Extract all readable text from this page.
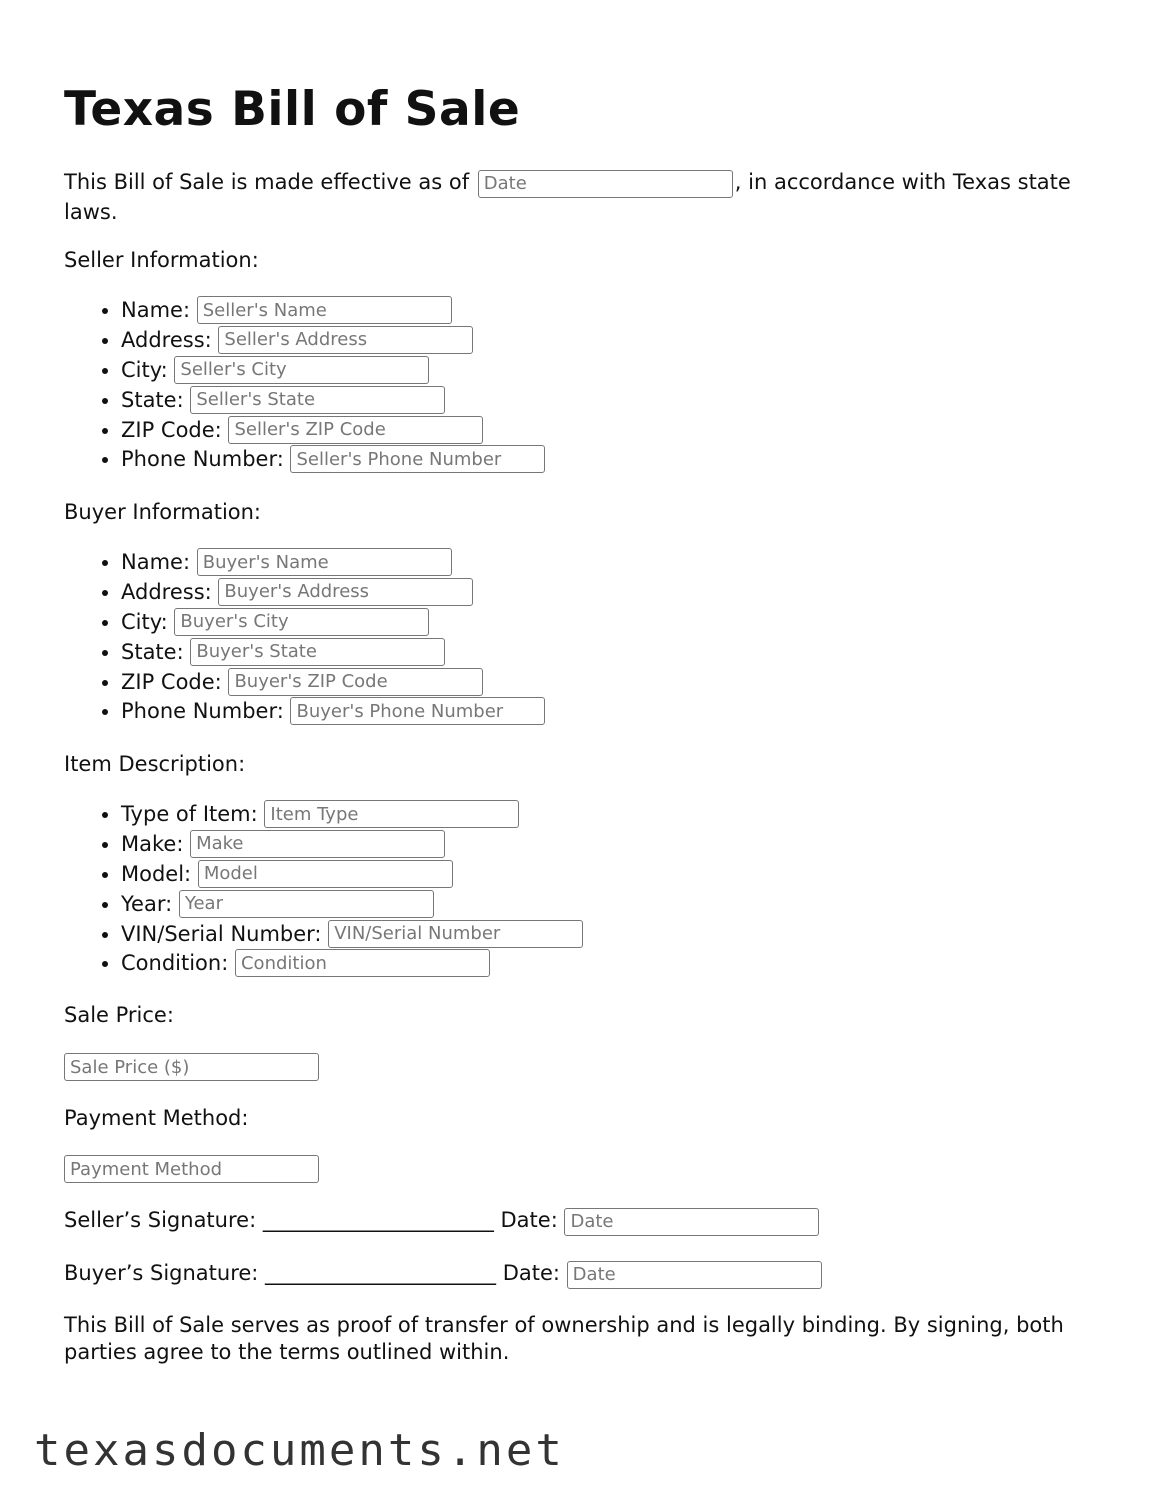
Texas Bill of Sale
This Bill of Sale is made effective as of Date	, in accordance with Texas state laws.
Seller Information:
• Name: Seller's Name
• Address: Seller's Address
• City: Seller's City
• State: Seller's State
• ZIP Code: Seller's ZIP Code
• Phone Number: Seller's Phone Number
Buyer Information:
• Name: Buyer's Name
• Address: Buyer's Address
• City: Buyer's City
• State: Buyer's State
• ZIP Code: Buyer's ZIP Code
• Phone Number: Buyer's Phone Number
Item Description:
• Type of Item: Item Type
• Make: Make
• Model: Model
• Year: Year
• VIN/Serial Number: VIN/Serial Number
• Condition: Condition
Sale Price:
Sale Price ($)
Payment Method:
Payment Method
Seller’s Signature: ______________________ Date: Date
Buyer’s Signature: ______________________ Date: Date
This Bill of Sale serves as proof of transfer of ownership and is legally binding. By signing, both parties agree to the terms outlined within.
texasdocuments.net
